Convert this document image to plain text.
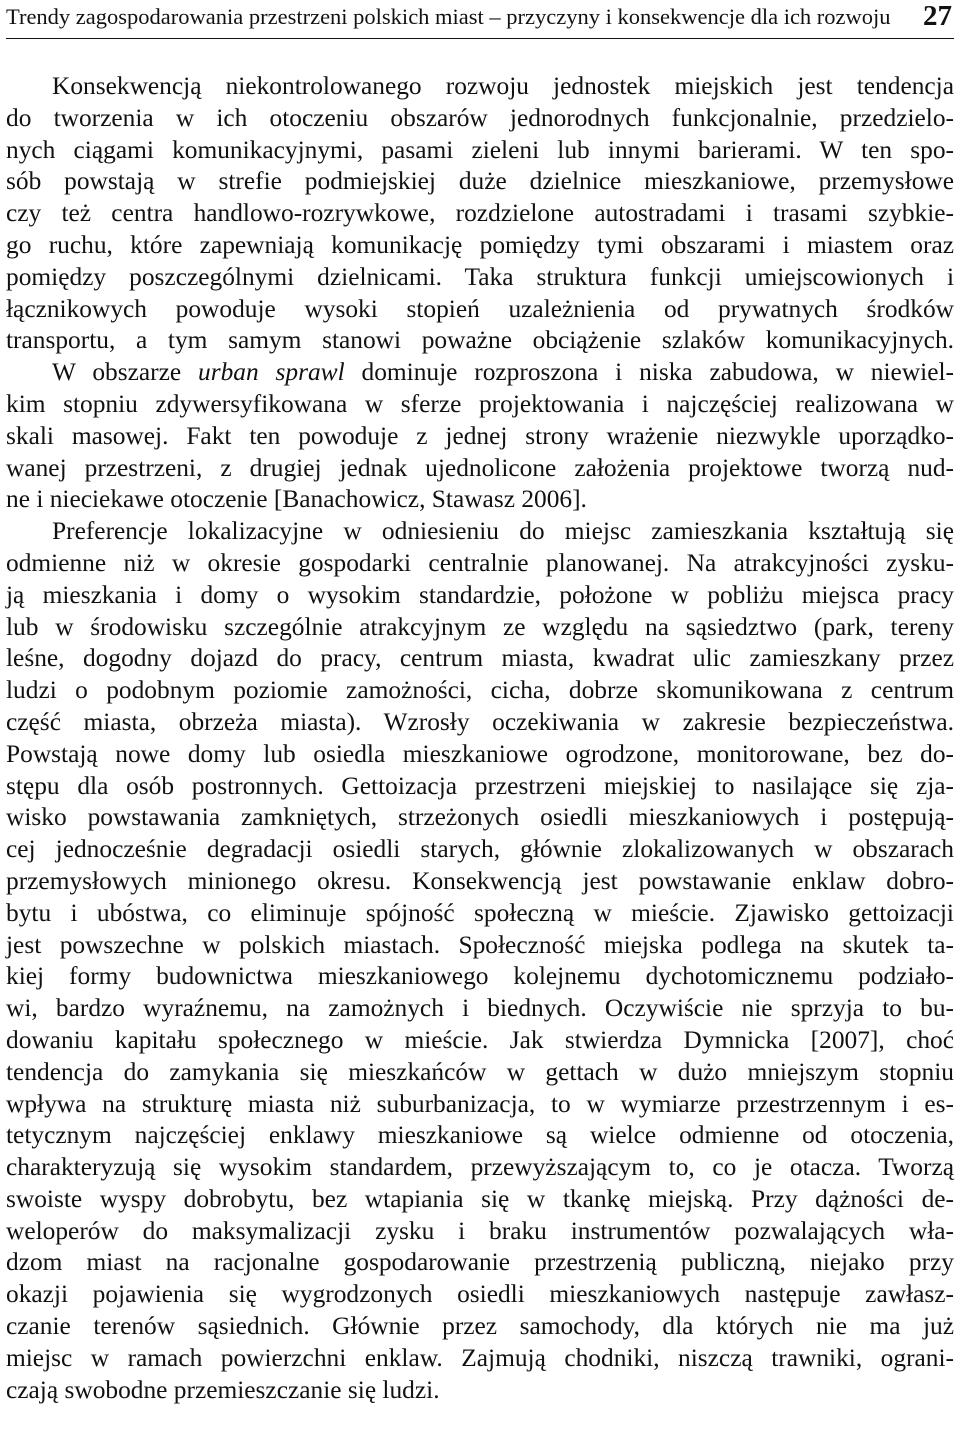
Trendy zagospodarowania przestrzeni polskich miast – przyczyny i konsekwencje dla ich rozwoju 27
Konsekwencją niekontrolowanego rozwoju jednostek miejskich jest tendencja
do tworzenia w ich otoczeniu obszarów jednorodnych funkcjonalnie, przedzielo-
nych ciągami komunikacyjnymi, pasami zieleni lub innymi barierami. W ten spo-
sób powstają w strefie podmiejskiej duże dzielnice mieszkaniowe, przemysłowe
czy też centra handlowo-rozrywkowe, rozdzielone autostradami i trasami szybkie-
go ruchu, które zapewniają komunikację pomiędzy tymi obszarami i miastem oraz
pomiędzy poszczególnymi dzielnicami. Taka struktura funkcji umiejscowionych i
łącznikowych powoduje wysoki stopień uzależnienia od prywatnych środków
transportu, a tym samym stanowi poważne obciążenie szlaków komunikacyjnych.
W obszarze urban sprawl dominuje rozproszona i niska zabudowa, w niewiel-
kim stopniu zdywersyfikowana w sferze projektowania i najczęściej realizowana w
skali masowej. Fakt ten powoduje z jednej strony wrażenie niezwykle uporządko-
wanej przestrzeni, z drugiej jednak ujednolicone założenia projektowe tworzą nud-
ne i nieciekawe otoczenie [Banachowicz, Stawasz 2006].
Preferencje lokalizacyjne w odniesieniu do miejsc zamieszkania kształtują się
odmienne niż w okresie gospodarki centralnie planowanej. Na atrakcyjności zysku-
ją mieszkania i domy o wysokim standardzie, położone w pobliżu miejsca pracy
lub w środowisku szczególnie atrakcyjnym ze względu na sąsiedztwo (park, tereny
leśne, dogodny dojazd do pracy, centrum miasta, kwadrat ulic zamieszkany przez
ludzi o podobnym poziomie zamożności, cicha, dobrze skomunikowana z centrum
część miasta, obrzeża miasta). Wzrosły oczekiwania w zakresie bezpieczeństwa.
Powstają nowe domy lub osiedla mieszkaniowe ogrodzone, monitorowane, bez do-
stępu dla osób postronnych. Gettoizacja przestrzeni miejskiej to nasilające się zja-
wisko powstawania zamkniętych, strzeżonych osiedli mieszkaniowych i postępują-
cej jednocześnie degradacji osiedli starych, głównie zlokalizowanych w obszarach
przemysłowych minionego okresu. Konsekwencją jest powstawanie enklaw dobro-
bytu i ubóstwa, co eliminuje spójność społeczną w mieście. Zjawisko gettoizacji
jest powszechne w polskich miastach. Społeczność miejska podlega na skutek ta-
kiej formy budownictwa mieszkaniowego kolejnemu dychotomicznemu podziało-
wi, bardzo wyraźnemu, na zamożnych i biednych. Oczywiście nie sprzyja to bu-
dowaniu kapitału społecznego w mieście. Jak stwierdza Dymnicka [2007], choć
tendencja do zamykania się mieszkańców w gettach w dużo mniejszym stopniu
wpływa na strukturę miasta niż suburbanizacja, to w wymiarze przestrzennym i es-
tetycznym najczęściej enklawy mieszkaniowe są wielce odmienne od otoczenia,
charakteryzują się wysokim standardem, przewyższającym to, co je otacza. Tworzą
swoiste wyspy dobrobytu, bez wtapiania się w tkankę miejską. Przy dążności de-
weloperów do maksymalizacji zysku i braku instrumentów pozwalających wła-
dzom miast na racjonalne gospodarowanie przestrzenią publiczną, niejako przy
okazji pojawienia się wygrodzonych osiedli mieszkaniowych następuje zawłasz-
czanie terenów sąsiednich. Głównie przez samochody, dla których nie ma już
miejsc w ramach powierzchni enklaw. Zajmują chodniki, niszczą trawniki, ograni-
czają swobodne przemieszczanie się ludzi.
